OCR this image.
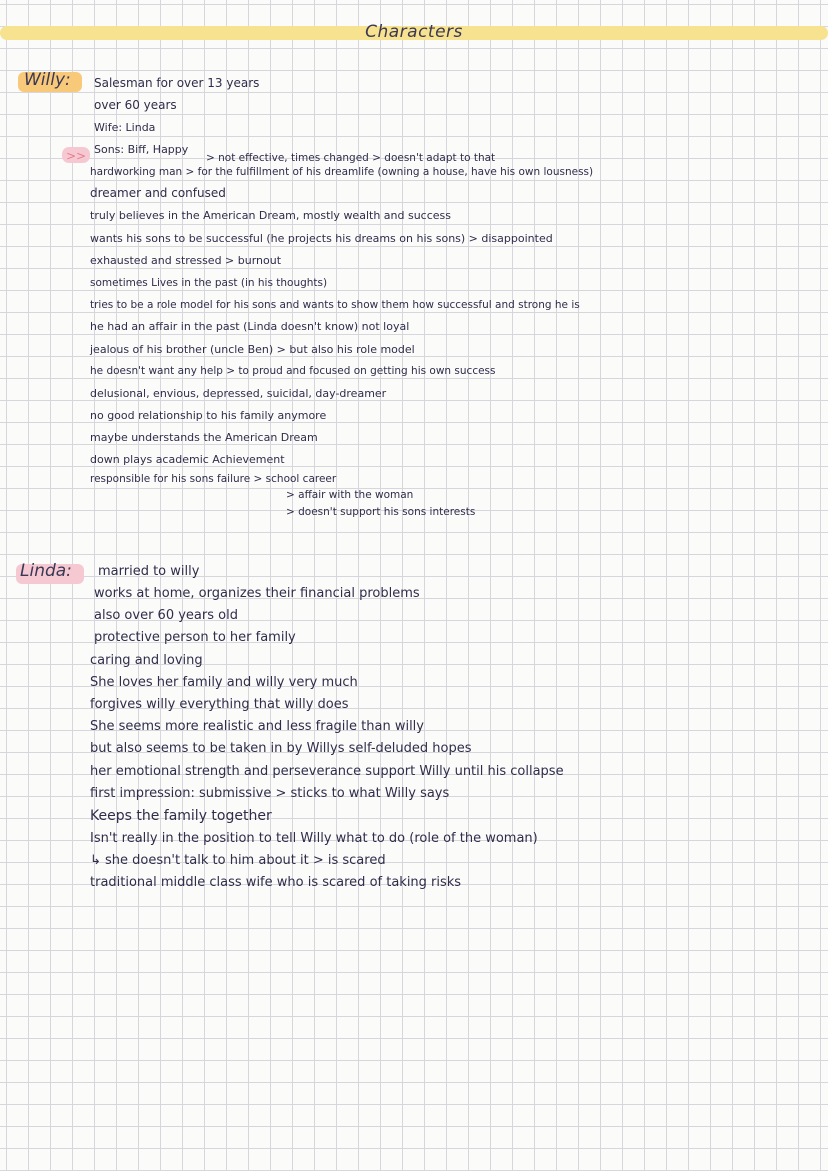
Characters
Willy:
>>
Salesman for over 13 years
over 60 years
Wife: Linda
Sons: Biff, Happy
> not effective, times changed > doesn't adapt to that
hardworking man > for the fulfillment of his dreamlife (owning a house, have his own lousness)
dreamer and confused
truly believes in the American Dream, mostly wealth and success
wants his sons to be successful (he projects his dreams on his sons) > disappointed
exhausted and stressed > burnout
sometimes Lives in the past (in his thoughts)
tries to be a role model for his sons and wants to show them how successful and strong he is
he had an affair in the past (Linda doesn't know) not loyal
jealous of his brother (uncle Ben) > but also his role model
he doesn't want any help > to proud and focused on getting his own success
delusional, envious, depressed, suicidal, day-dreamer
no good relationship to his family anymore
maybe understands the American Dream
down plays academic Achievement
responsible for his sons failure > school career
> affair with the woman
> doesn't support his sons interests
Linda: married to willy
works at home, organizes their financial problems
also over 60 years old
protective person to her family
caring and loving
She loves her family and willy very much
forgives willy everything that willy does
She seems more realistic and less fragile than willy
but also seems to be taken in by Willys self-deluded hopes
her emotional strength and perseverance support Willy until his collapse
first impression: submissive > sticks to what Willy says
Keeps the family together
Isn't really in the position to tell Willy what to do (role of the woman)
↳ she doesn't talk to him about it > is scared
traditional middle class wife who is scared of taking risks
